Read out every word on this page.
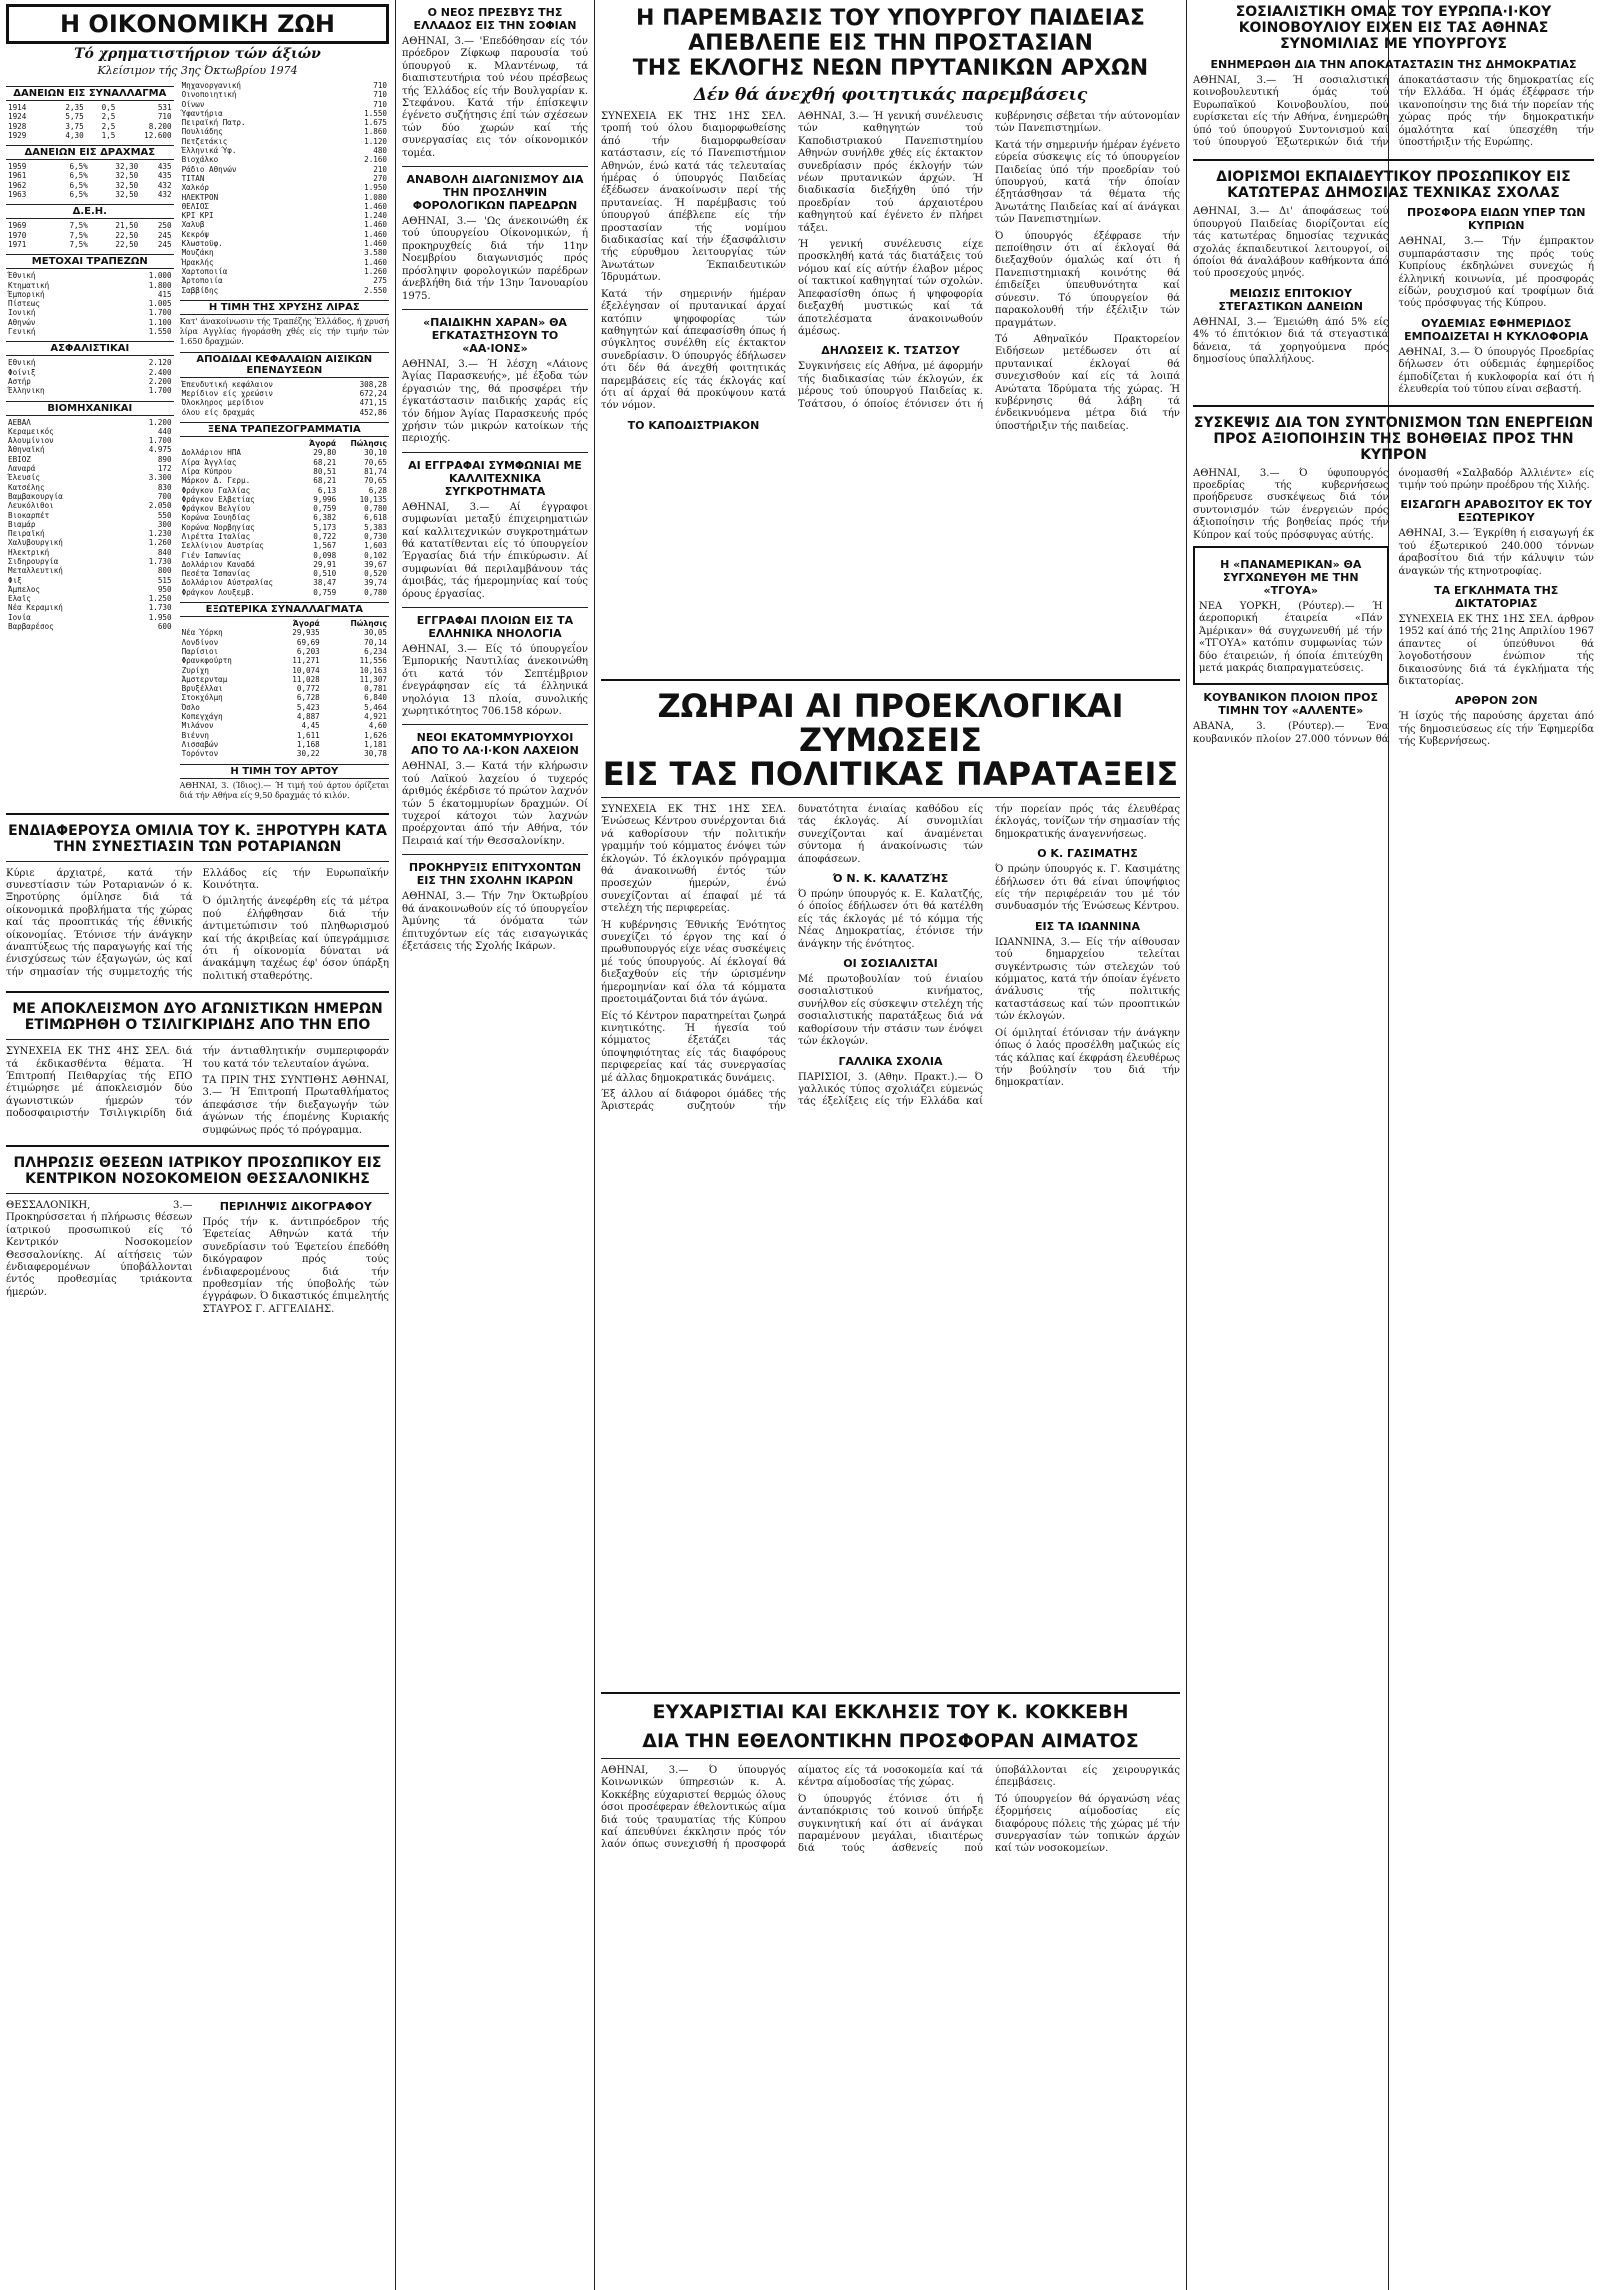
Η ΟΙΚΟΝΟΜΙΚΗ ΖΩΗ
Τό χρηματιστήριον τών άξιών
Κλείσιμον τής 3ης Όκτωβρίου 1974
ΔΑΝΕΙΩΝ ΕΙΣ ΣΥΝΑΛΛΑΓΜΑ
1914	2,35	0,5	531
1924	5,75	2,5	710
1928	3,75	2,5	8.200
1929	4,30	1,5	12.600
ΔΑΝΕΙΩΝ ΕΙΣ ΔΡΑΧΜΑΣ
1959	6,5%	32,30	435
1961	6,5%	32,50	435
1962	6,5%	32,50	432
1963	6,5%	32,50	432
Δ.Ε.Η.
1969	7,5%	21,50	250
1970	7,5%	22,50	245
1971	7,5%	22,50	245
ΜΕΤΟΧΑΙ ΤΡΑΠΕΖΩΝ
Έθνική	1.000
Κτηματική	1.800
Έμπορική	415
Πίστεως	1.005
Ιονική	1.700
Αθηνών	1.100
Γενική	1.550
ΑΣΦΑΛΙΣΤΙΚΑΙ
Εθνική	2.120
Φοίνιξ	2.400
Αστήρ	2.200
Έλληνικη	1.700
ΒΙΟΜΗΧΑΝΙΚΑΙ
ΑΕΒΑΛ	1.200
Κεραμεικός	440
Αλουμίνιον	1.700
Άθηναϊκή	4.975
ΕΒΙΟΖ	890
Λαναρά	172
Έλευσίς	3.300
Κατσέλης	830
Βαμβακουργία	700
Λευκόλιθοι	2.050
Βιοκαρπέτ	550
Βιαμάρ	300
Πειραϊκή	1.230
Χαλυβουργική	1.260
Ηλεκτρική	840
Σιδηρουργία	1.730
Μεταλλευτική	800
Φιξ	515
Άμπελος	950
Ελαϊς	1.250
Νέα Κεραμική	1.730
Ιονία	1.950
Βαρβαρέσος	600
Μηχανοργανική	710
Οινοποιητική	710
Οίνων	710
Ύφαντήρια	1.550
Πειραϊκή Πατρ.	1.675
Πουλιάδης	1.860
Πετζετάκις	1.120
Έλληνικά Ύφ.	480
Βιοχάλκο	2.160
Ράδιο Αθηνών	210
ΤΙΤΑΝ	270
Χαλκόρ	1.950
ΗΛΕΚΤΡΟΝ	1.080
ΘΕΛΙΟΣ	1.460
ΚΡΙ ΚΡΙ	1.240
Χαλυβ	1.460
Κεκρόψ	1.460
Κλωστοϋφ.	1.460
Μουζάκη	3.580
Ήρακλής	1.460
Χαρτοποιία	1.260
Άρτοποιία	275
Σαββίδης	2.550
Η ΤΙΜΗ ΤΗΣ ΧΡΥΣΗΣ ΛΙΡΑΣ
Κατ' άνακοίνωσιν τής Τραπέζης Έλλάδος, ή χρυσή λίρα Αγγλίας ήγοράσθη χθές είς τήν τιμήν τών 1.650 δραχμών.
ΑΠΟΔΙΔΑΙ ΚΕΦΑΛΑΙΩΝ ΑΙΣΙΚΩΝ ΕΠΕΝΔΥΣΕΩΝ
Έπενδυτική κεφάλαιον	308,28
Μερίδιον είς χρεώσιν	672,24
Όλοκληρος μερίδιον	471,15
όλου είς δραχμάς	452,86
ΞΕΝΑ ΤΡΑΠΕΖΟΓΡΑΜΜΑΤΙΑ
	Άγορά	Πώλησις
Δολλάριον ΗΠΑ	29,80	30,10
Λίρα Άγγλίας	68,21	70,65
Λίρα Κύπρου	80,51	81,74
Μάρκον Δ. Γερμ.	68,21	70,65
Φράγκον Γαλλίας	6,13	6,28
Φράγκον Ελβετίας	9,996	10,135
Φράγκον Βελγίου	0,759	0,780
Κορώνα Σουηδίας	6,382	6,618
Κορώνα Νορβηγίας	5,173	5,383
Λιρέττα Ιταλίας	0,722	0,730
Σελλίνιον Αυστρίας	1,567	1,603
Γιέν Ιαπωνίας	0,098	0,102
Δολλάριον Καναδά	29,91	39,67
Πεσέτα Ίσπανίας	0,510	0,520
Δολλάριον Αύστραλίας	38,47	39,74
Φράγκον Λουξεμβ.	0,759	0,780
ΕΞΩΤΕΡΙΚΑ ΣΥΝΑΛΛΑΓΜΑΤΑ
	Άγορά	Πώλησις
Νέα Ύόρκη	29,935	30,05
Λονδίνον	69,69	70,14
Παρίσιοι	6,203	6,234
Φρανκφούρτη	11,271	11,556
Ζυρίχη	10,074	10,163
Άμστερνταμ	11,028	11,307
Βρυξέλλαι	0,772	0,781
Στοκχόλμη	6,728	6,840
Όσλο	5,423	5,464
Κοπεγχάγη	4,887	4,921
Μιλάνον	4,45	4,60
Βιέννη	1,611	1,626
Λισσαβών	1,168	1,181
Τορόντον	30,22	30,78
Η ΤΙΜΗ ΤΟΥ ΑΡΤΟΥ
ΑΘΗΝΑΙ, 3. (Ίδιος).— Ή τιμή τού άρτου όρίζεται διά τήν Αθήνα είς 9,50 δραχμάς τό κιλόν.
ΕΝΔΙΑΦΕΡΟΥΣΑ ΟΜΙΛΙΑ ΤΟΥ Κ. ΞΗΡΟΤΥΡΗ ΚΑΤΑ ΤΗΝ ΣΥΝΕΣΤΙΑΣΙΝ ΤΩΝ ΡΟΤΑΡΙΑΝΩΝ

Κύριε άρχιατρέ, κατά τήν συνεστίασιν τών Ροταριανών ό κ. Ξηροτύρης όμίλησε διά τά οίκονομικά προβλήματα τής χώρας καί τάς προοπτικάς τής έθνικής οίκονομίας. Έτόνισε τήν άνάγκην άναπτύξεως τής παραγωγής καί τής ένισχύσεως τών έξαγωγών, ώς καί τήν σημασίαν τής συμμετοχής τής Ελλάδος είς τήν Ευρωπαϊκήν Κοινότητα.

Ό όμιλητής άνεφέρθη είς τά μέτρα πού έλήφθησαν διά τήν άντιμετώπισιν τού πληθωρισμού καί τής άκριβείας καί ύπεγράμμισε ότι ή οίκονομία δύναται νά άνακάμψη ταχέως έφ' όσον ύπάρξη πολιτική σταθερότης.

ΜΕ ΑΠΟΚΛΕΙΣΜΟΝ ΔΥΟ ΑΓΩΝΙΣΤΙΚΩΝ ΗΜΕΡΩΝ ΕΤΙΜΩΡΗΘΗ Ο ΤΣΙΛΙΓΚΙΡΙΔΗΣ ΑΠΟ ΤΗΝ ΕΠΟ

ΣΥΝΕΧΕΙΑ ΕΚ ΤΗΣ 4ΗΣ ΣΕΛ. διά τά έκδικασθέντα θέματα. Ή Έπιτροπή Πειθαρχίας τής ΕΠΟ έτιμώρησε μέ άποκλεισμόν δύο άγωνιστικών ήμερών τόν ποδοσφαιριστήν Τσιλιγκιρίδη διά τήν άντιαθλητικήν συμπεριφοράν του κατά τόν τελευταίον άγώνα.

ΤΑ ΠΡΙΝ ΤΗΣ ΣΥΝΤΙΘΗΣ ΑΘΗΝΑΙ, 3.— Ή Έπιτροπή Πρωταθλήματος άπεφάσισε τήν διεξαγωγήν τών άγώνων τής έπομένης Κυριακής συμφώνως πρός τό πρόγραμμα.

ΠΛΗΡΩΣΙΣ ΘΕΣΕΩΝ ΙΑΤΡΙΚΟΥ ΠΡΟΣΩΠΙΚΟΥ ΕΙΣ ΚΕΝΤΡΙΚΟΝ ΝΟΣΟΚΟΜΕΙΟΝ ΘΕΣΣΑΛΟΝΙΚΗΣ

ΘΕΣΣΑΛΟΝΙΚΗ, 3.— Προκηρύσσεται ή πλήρωσις θέσεων ίατρικού προσωπικού είς τό Κεντρικόν Νοσοκομείον Θεσσαλονίκης. Αί αίτήσεις τών ένδιαφερομένων ύποβάλλονται έντός προθεσμίας τριάκοντα ήμερών.

ΠΕΡΙΛΗΨΙΣ ΔΙΚΟΓΡΑΦΟΥ

Πρός τήν κ. άντιπρόεδρον τής Έφετείας Αθηνών κατά τήν συνεδρίασιν τού Έφετείου έπεδόθη δικόγραφον πρός τούς ένδιαφερομένους διά τήν προθεσμίαν τής ύποβολής τών έγγράφων. Ό δικαστικός έπιμελητής ΣΤΑΥΡΟΣ Γ. ΑΓΓΕΛΙΔΗΣ.

Ο ΝΕΟΣ ΠΡΕΣΒΥΣ ΤΗΣ ΕΛΛΑΔΟΣ ΕΙΣ ΤΗΝ ΣΟΦΙΑΝ

ΑΘΗΝΑΙ, 3.— 'Επεδόθησαν είς τόν πρόεδρον Ζίφκωφ παρουσία τού ύπουργού κ. Μλαντένωφ, τά διαπιστευτήρια τού νέου πρέσβεως τής Έλλάδος είς τήν Βουλγαρίαν κ. Στεφάνου. Κατά τήν έπίσκεψιν έγένετο συζήτησις έπί τών σχέσεων τών δύο χωρών καί τής συνεργασίας εις τόν οίκονομικόν τομέα.

ΑΝΑΒΟΛΗ ΔΙΑΓΩΝΙΣΜΟΥ ΔΙΑ ΤΗΝ ΠΡΟΣΛΗΨΙΝ ΦΟΡΟΛΟΓΙΚΩΝ ΠΑΡΕΔΡΩΝ

ΑΘΗΝΑΙ, 3.— 'Ως άνεκοινώθη έκ τού ύπουργείου Οίκονομικών, ή προκηρυχθείς διά τήν 11ην Νοεμβρίου διαγωνισμός πρός πρόσληψιν φορολογικών παρέδρων άνεβλήθη διά τήν 13ην Ίανουαρίου 1975.

«ΠΑΙΔΙΚΗΝ ΧΑΡΑΝ» ΘΑ ΕΓΚΑΤΑΣΤΗΣΟΥΝ ΤΟ «ΑΑ·ΙΟΝΣ»

ΑΘΗΝΑΙ, 3.— Ή λέσχη «Λάιονς Άγίας Παρασκευής», μέ έξοδα τών έργασιών της, θά προσφέρει τήν έγκατάστασιν παιδικής χαράς είς τόν δήμον Άγίας Παρασκευής πρός χρήσιν τών μικρών κατοίκων τής περιοχής.

ΑΙ ΕΓΓΡΑΦΑΙ ΣΥΜΦΩΝΙΑΙ ΜΕ ΚΑΛΛΙΤΕΧΝΙΚΑ ΣΥΓΚΡΟΤΗΜΑΤΑ

ΑΘΗΝΑΙ, 3.— Αί έγγραφοι συμφωνίαι μεταξύ έπιχειρηματιών καί καλλιτεχνικών συγκροτημάτων θά κατατίθενται είς τό ύπουργείον Έργασίας διά τήν έπικύρωσιν. Αί συμφωνίαι θά περιλαμβάνουν τάς άμοιβάς, τάς ήμερομηνίας καί τούς όρους έργασίας.

ΕΓΓΡΑΦΑΙ ΠΛΟΙΩΝ ΕΙΣ ΤΑ ΕΛΛΗΝΙΚΑ ΝΗΟΛΟΓΙΑ

ΑΘΗΝΑΙ, 3.— Είς τό ύπουργεΐον Έμπορικής Ναυτιλίας άνεκοινώθη ότι κατά τόν Σεπτέμβριον ένεγράφησαν είς τά έλληνικά νηολόγια 13 πλοία, συνολικής χωρητικότητος 706.158 κόρων.

ΝΕΟΙ ΕΚΑΤΟΜΜΥΡΙΟΥΧΟΙ ΑΠΟ ΤΟ ΛΑ·Ι·ΚΟΝ ΛΑΧΕΙΟΝ

ΑΘΗΝΑΙ, 3.— Κατά τήν κλήρωσιν τού Λαϊκού λαχείου ό τυχερός άριθμός έκέρδισε τό πρώτον λαχνόν τών 5 έκατομμυρίων δραχμών. Οί τυχεροί κάτοχοι τών λαχνών προέρχονται άπό τήν Αθήνα, τόν Πειραιά καί τήν Θεσσαλονίκην.

ΠΡΟΚΗΡΥΞΙΣ ΕΠΙΤΥΧΟΝΤΩΝ ΕΙΣ ΤΗΝ ΣΧΟΛΗΝ ΙΚΑΡΩΝ

ΑΘΗΝΑΙ, 3.— Τήν 7ην Όκτωβρίου θά άνακοινωθούν είς τό ύπουργεΐον Άμύνης τά όνόματα τών έπιτυχόντων είς τάς εισαγωγικάς έξετάσεις τής Σχολής Ικάρων.

Η ΠΑΡΕΜΒΑΣΙΣ ΤΟΥ ΥΠΟΥΡΓΟΥ ΠΑΙΔΕΙΑΣ
ΑΠΕΒΛΕΠΕ ΕΙΣ ΤΗΝ ΠΡΟΣΤΑΣΙΑΝ
ΤΗΣ ΕΚΛΟΓΗΣ ΝΕΩΝ ΠΡΥΤΑΝΙΚΩΝ ΑΡΧΩΝ
Δέν θά άνεχθή φοιτητικάς παρεμβάσεις

ΣΥΝΕΧΕΙΑ ΕΚ ΤΗΣ 1ΗΣ ΣΕΛ. τροπή τού όλου διαμορφωθείσης άπό τήν διαμορφωθείσαν κατάστασιν, είς τό Πανεπιστήμιον Αθηνών, ένώ κατά τάς τελευταίας ήμέρας ό ύπουργός Παιδείας έξέδωσεν άνακοίνωσιν περί τής πρυτανείας. Ή παρέμβασις τού ύπουργού άπέβλεπε είς τήν προστασίαν τής νομίμου διαδικασίας καί τήν έξασφάλισιν τής εύρυθμου λειτουργίας τών Άνωτάτων Έκπαιδευτικών Ίδρυμάτων.

Κατά τήν σημερινήν ήμέραν έξελέγησαν οί πρυτανικαί άρχαί κατόπιν ψηφοφορίας τών καθηγητών καί άπεφασίσθη όπως ή σύγκλητος συνέλθη είς έκτακτον συνεδρίασιν. Ό ύπουργός έδήλωσεν ότι δέν θά άνεχθή φοιτητικάς παρεμβάσεις είς τάς έκλογάς καί ότι αί άρχαί θά προκύψουν κατά τόν νόμον.

ΤΟ ΚΑΠΟΔΙΣΤΡΙΑΚΟΝ

ΑΘΗΝΑΙ, 3.— Ή γενική συνέλευσις τών καθηγητών τού Καποδιστριακού Πανεπιστημίου Αθηνών συνήλθε χθές είς έκτακτον συνεδρίασιν πρός έκλογήν τών νέων πρυτανικών άρχών. Ή διαδικασία διεξήχθη ύπό τήν προεδρίαν τού άρχαιοτέρου καθηγητού καί έγένετο έν πλήρει τάξει.

Ή γενική συνέλευσις είχε προσκληθή κατά τάς διατάξεις τού νόμου καί είς αύτήν έλαβον μέρος οί τακτικοί καθηγηταί τών σχολών. Άπεφασίσθη όπως ή ψηφοφορία διεξαχθή μυστικώς καί τά άποτελέσματα άνακοινωθούν άμέσως.

ΔΗΛΩΣΕΙΣ Κ. ΤΣΑΤΣΟΥ

Συγκινήσεις είς Αθήνα, μέ άφορμήν τής διαδικασίας τών έκλογών, έκ μέρους τού ύπουργού Παιδείας κ. Τσάτσου, ό όποίος έτόνισεν ότι ή κυβέρνησις σέβεται τήν αύτονομίαν τών Πανεπιστημίων.

Κατά τήν σημερινήν ήμέραν έγένετο εύρεία σύσκεψις είς τό ύπουργείον Παιδείας ύπό τήν προεδρίαν τού ύπουργού, κατά τήν όποίαν έξητάσθησαν τά θέματα τής Άνωτάτης Παιδείας καί αί άνάγκαι τών Πανεπιστημίων.

Ό ύπουργός έξέφρασε τήν πεποίθησιν ότι αί έκλογαί θά διεξαχθούν όμαλώς καί ότι ή Πανεπιστημιακή κοινότης θά έπιδείξει ύπευθυνότητα καί σύνεσιν. Τό ύπουργείον θά παρακολουθή τήν έξέλιξιν τών πραγμάτων.

Τό Αθηναϊκόν Πρακτορείον Ειδήσεων μετέδωσεν ότι αί πρυτανικαί έκλογαί θά συνεχισθούν καί είς τά λοιπά Ανώτατα Ίδρύματα τής χώρας. Ή κυβέρνησις θά λάβη τά ένδεικνυόμενα μέτρα διά τήν ύποστήριξιν τής παιδείας.

ΖΩΗΡΑΙ ΑΙ ΠΡΟΕΚΛΟΓΙΚΑΙ ΖΥΜΩΣΕΙΣ
ΕΙΣ ΤΑΣ ΠΟΛΙΤΙΚΑΣ ΠΑΡΑΤΑΞΕΙΣ

ΣΥΝΕΧΕΙΑ ΕΚ ΤΗΣ 1ΗΣ ΣΕΛ. Ένώσεως Κέντρου συνέρχονται διά νά καθορίσουν τήν πολιτικήν γραμμήν τού κόμματος ένόψει τών έκλογών. Τό έκλογικόν πρόγραμμα θά άνακοινωθή έντός τών προσεχών ήμερών, ένώ συνεχίζονται αί έπαφαί μέ τά στελέχη τής περιφερείας.

Ή κυβέρνησις Έθνικής Ένότητος συνεχίζει τό έργον της καί ό πρωθυπουργός είχε νέας συσκέψεις μέ τούς ύπουργούς. Αί έκλογαί θά διεξαχθούν είς τήν ώρισμένην ήμερομηνίαν καί όλα τά κόμματα προετοιμάζονται διά τόν άγώνα.

Είς τό Κέντρον παρατηρείται ζωηρά κινητικότης. Ή ήγεσία τού κόμματος έξετάζει τάς ύποψηφιότητας είς τάς διαφόρους περιφερείας καί τάς συνεργασίας μέ άλλας δημοκρατικάς δυνάμεις.

Έξ άλλου αί διάφοροι όμάδες τής Άριστεράς συζητούν τήν δυνατότητα ένιαίας καθόδου είς τάς έκλογάς. Αί συνομιλίαι συνεχίζονται καί άναμένεται σύντομα ή άνακοίνωσις τών άποφάσεων.

Ό Ν. Κ. ΚΑΛΑΤΖΉΣ

Ό πρώην ύπουργός κ. Ε. Καλατζής, ό όποίος έδήλωσεν ότι θά κατέλθη είς τάς έκλογάς μέ τό κόμμα τής Νέας Δημοκρατίας, έτόνισε τήν άνάγκην τής ένότητος.

ΟΙ ΣΟΣΙΑΛΙΣΤΑΙ

Μέ πρωτοβουλίαν τού ένιαίου σοσιαλιστικού κινήματος, συνήλθον είς σύσκεψιν στελέχη τής σοσιαλιστικής παρατάξεως διά νά καθορίσουν τήν στάσιν των ένόψει τών έκλογών.

ΓΑΛΛΙΚΑ ΣΧΟΛΙΑ

ΠΑΡΙΣΙΟΙ, 3. (Αθην. Πρακτ.).— Ό γαλλικός τύπος σχολιάζει εύμενώς τάς έξελίξεις είς τήν Ελλάδα καί τήν πορείαν πρός τάς έλευθέρας έκλογάς, τονίζων τήν σημασίαν τής δημοκρατικής άναγεννήσεως.

Ο Κ. ΓΑΣΙΜΑΤΗΣ

Ό πρώην ύπουργός κ. Γ. Κασιμάτης έδήλωσεν ότι θά είναι ύποψήφιος είς τήν περιφέρειάν του μέ τόν συνδυασμόν τής Ένώσεως Κέντρου.

ΕΙΣ ΤΑ ΙΩΑΝΝΙΝΑ

ΙΩΑΝΝΙΝΑ, 3.— Είς τήν αίθουσαν τού δημαρχείου τελείται συγκέντρωσις τών στελεχών τού κόμματος, κατά τήν όποίαν έγένετο άνάλυσις τής πολιτικής καταστάσεως καί τών προοπτικών τών έκλογών.

Οί όμιληταί έτόνισαν τήν άνάγκην όπως ό λαός προσέλθη μαζικώς είς τάς κάλπας καί έκφράση έλευθέρως τήν βούλησίν του διά τήν δημοκρατίαν.

ΕΥΧΑΡΙΣΤΙΑΙ ΚΑΙ ΕΚΚΛΗΣΙΣ ΤΟΥ Κ. ΚΟΚΚΕΒΗ
ΔΙΑ ΤΗΝ ΕΘΕΛΟΝΤΙΚΗΝ ΠΡΟΣΦΟΡΑΝ ΑΙΜΑΤΟΣ

ΑΘΗΝΑΙ, 3.— Ό ύπουργός Κοινωνικών ύπηρεσιών κ. Α. Κοκκέβης εύχαριστεί θερμώς όλους όσοι προσέφεραν έθελοντικώς αίμα διά τούς τραυματίας τής Κύπρου καί άπευθύνει έκκλησιν πρός τόν λαόν όπως συνεχισθή ή προσφορά αίματος είς τά νοσοκομεία καί τά κέντρα αίμοδοσίας τής χώρας.

Ό ύπουργός έτόνισε ότι ή άνταπόκρισις τού κοινού ύπήρξε συγκινητική καί ότι αί άνάγκαι παραμένουν μεγάλαι, ιδιαιτέρως διά τούς άσθενείς πού ύποβάλλονται είς χειρουργικάς έπεμβάσεις.

Τό ύπουργείον θά όργανώση νέας έξορμήσεις αίμοδοσίας είς διαφόρους πόλεις τής χώρας μέ τήν συνεργασίαν τών τοπικών άρχών καί τών νοσοκομείων.

ΣΟΣΙΑΛΙΣΤΙΚΗ ΟΜΑΣ ΤΟΥ ΕΥΡΩΠΑ·Ι·ΚΟΥ ΚΟΙΝΟΒΟΥΛΙΟΥ ΕΙΧΕΝ ΕΙΣ ΤΑΣ ΑΘΗΝΑΣ ΣΥΝΟΜΙΛΙΑΣ ΜΕ ΥΠΟΥΡΓΟΥΣ
ΕΝΗΜΕΡΩΘΗ ΔΙΑ ΤΗΝ ΑΠΟΚΑΤΑΣΤΑΣΙΝ ΤΗΣ ΔΗΜΟΚΡΑΤΙΑΣ

ΑΘΗΝΑΙ, 3.— Ή σοσιαλιστική κοινοβουλευτική όμάς τού Ευρωπαϊκού Κοινοβουλίου, πού ευρίσκεται είς τήν Αθήνα, ένημερώθη ύπό τού ύπουργού Συντονισμού καί τού ύπουργού Έξωτερικών διά τήν άποκατάστασιν τής δημοκρατίας είς τήν Ελλάδα. Ή όμάς έξέφρασε τήν ικανοποίησιν της διά τήν πορείαν τής χώρας πρός τήν δημοκρατικήν όμαλότητα καί ύπεσχέθη τήν ύποστήριξιν τής Ευρώπης.

ΔΙΟΡΙΣΜΟΙ ΕΚΠΑΙΔΕΥΤΙΚΟΥ ΠΡΟΣΩΠΙΚΟΥ ΕΙΣ ΚΑΤΩΤΕΡΑΣ ΔΗΜΟΣΙΑΣ ΤΕΧΝΙΚΑΣ ΣΧΟΛΑΣ

ΑΘΗΝΑΙ, 3.— Δι' άποφάσεως τού ύπουργού Παιδείας διορίζονται είς τάς κατωτέρας δημοσίας τεχνικάς σχολάς έκπαιδευτικοί λειτουργοί, οί όποίοι θά άναλάβουν καθήκοντα άπό τού προσεχούς μηνός.

ΜΕΙΩΣΙΣ ΕΠΙΤΟΚΙΟΥ ΣΤΕΓΑΣΤΙΚΩΝ ΔΑΝΕΙΩΝ

ΑΘΗΝΑΙ, 3.— Έμειώθη άπό 5% είς 4% τό έπιτόκιον διά τά στεγαστικά δάνεια, τά χορηγούμενα πρός δημοσίους ύπαλλήλους.

ΠΡΟΣΦΟΡΑ ΕΙΔΩΝ ΥΠΕΡ ΤΩΝ ΚΥΠΡΙΩΝ

ΑΘΗΝΑΙ, 3.— Τήν έμπρακτον συμπαράστασιν της πρός τούς Κυπρίους έκδηλώνει συνεχώς ή έλληνική κοινωνία, μέ προσφοράς είδών, ρουχισμού καί τροφίμων διά τούς πρόσφυγας τής Κύπρου.

ΟΥΔΕΜΙΑΣ ΕΦΗΜΕΡΙΔΟΣ ΕΜΠΟΔΙΖΕΤΑΙ Η ΚΥΚΛΟΦΟΡΙΑ

ΑΘΗΝΑΙ, 3.— Ό ύπουργός Προεδρίας δήλωσεν ότι ούδεμιάς έφημερίδος έμποδίζεται ή κυκλοφορία καί ότι ή έλευθερία τού τύπου είναι σεβαστή.

ΣΥΣΚΕΨΙΣ ΔΙΑ ΤΟΝ ΣΥΝΤΟΝΙΣΜΟΝ ΤΩΝ ΕΝΕΡΓΕΙΩΝ ΠΡΟΣ ΑΞΙΟΠΟΙΗΣΙΝ ΤΗΣ ΒΟΗΘΕΙΑΣ ΠΡΟΣ ΤΗΝ ΚΥΠΡΟΝ

ΑΘΗΝΑΙ, 3.— Ό ύφυπουργός προεδρίας τής κυβερνήσεως προήδρευσε συσκέψεως διά τόν συντονισμόν τών ένεργειών πρός άξιοποίησιν τής βοηθείας πρός τήν Κύπρον καί τούς πρόσφυγας αύτής.

Η «ΠΑΝΑΜΕΡΙΚΑΝ» ΘΑ ΣΥΓΧΩΝΕΥΘΗ ΜΕ ΤΗΝ «ΤΓΟΥΑ»

ΝΕΑ ΥΟΡΚΗ, (Ρόυτερ).— Ή άεροπορική έταιρεία «Πάν Άμέρικαν» θά συγχωνευθή μέ τήν «ΤΓΟΥΑ» κατόπιν συμφωνίας τών δύο έταιρειών, ή όποία έπιτεύχθη μετά μακράς διαπραγματεύσεις.

ΚΟΥΒΑΝΙΚΟΝ ΠΛΟΙΟΝ ΠΡΟΣ ΤΙΜΗΝ ΤΟΥ «ΑΛΛΕΝΤΕ»

ΑΒΑΝΑ, 3. (Ρόυτερ).— Ένα κουβανικόν πλοίον 27.000 τόννων θά όνομασθή «Σαλβαδόρ Άλλιέντε» είς τιμήν τού πρώην προέδρου τής Χιλής.

ΕΙΣΑΓΩΓΗ ΑΡΑΒΟΣΙΤΟΥ ΕΚ ΤΟΥ ΕΞΩΤΕΡΙΚΟΥ

ΑΘΗΝΑΙ, 3.— Έγκρίθη ή εισαγωγή έκ τού έξωτερικού 240.000 τόννων άραβοσίτου διά τήν κάλυψιν τών άναγκών τής κτηνοτροφίας.

ΤΑ ΕΓΚΛΗΜΑΤΑ ΤΗΣ ΔΙΚΤΑΤΟΡΙΑΣ

ΣΥΝΕΧΕΙΑ ΕΚ ΤΗΣ 1ΗΣ ΣΕΛ. άρθρον 1952 καί άπό τής 21ης Απριλίου 1967 άπαντες οί ύπεύθυνοι θά λογοδοτήσουν ένώπιον τής δικαιοσύνης διά τά έγκλήματα τής δικτατορίας.

ΑΡΘΡΟΝ 2ΟΝ

Ή ίσχύς τής παρούσης άρχεται άπό τής δημοσιεύσεως είς τήν Έφημερίδα τής Κυβερνήσεως.
